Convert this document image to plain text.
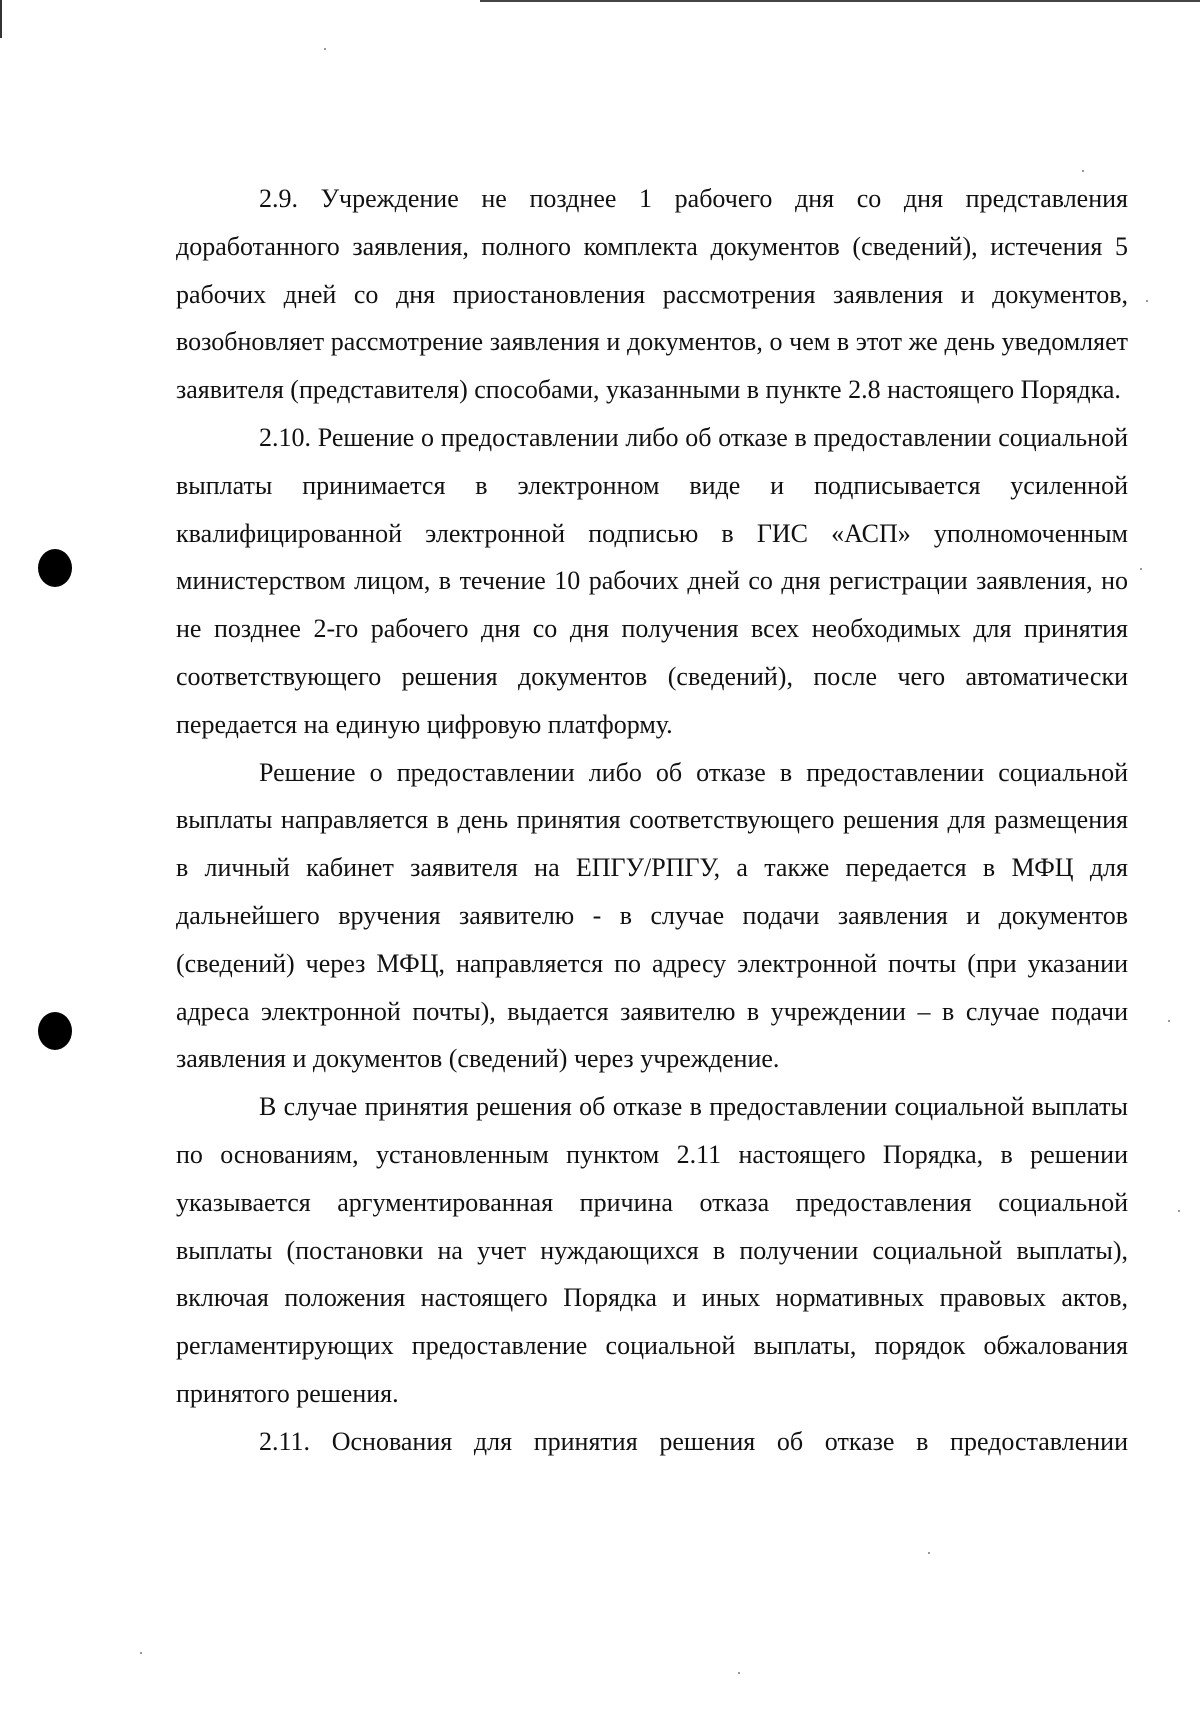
2.9. Учреждение не позднее 1 рабочего дня со дня представления доработанного заявления, полного комплекта документов (сведений), истечения 5 рабочих дней со дня приостановления рассмотрения заявления и документов, возобновляет рассмотрение заявления и документов, о чем в этот же день уведомляет заявителя (представителя) способами, указанными в пункте 2.8 настоящего Порядка.

2.10. Решение о предоставлении либо об отказе в предоставлении социальной выплаты принимается в электронном виде и подписывается усиленной квалифицированной электронной подписью в ГИС «АСП» уполномоченным министерством лицом, в течение 10 рабочих дней со дня регистрации заявления, но не позднее 2-го рабочего дня со дня получения всех необходимых для принятия соответствующего решения документов (сведений), после чего автоматически передается на единую цифровую платформу.

Решение о предоставлении либо об отказе в предоставлении социальной выплаты направляется в день принятия соответствующего решения для размещения в личный кабинет заявителя на ЕПГУ/РПГУ, а также передается в МФЦ для дальнейшего вручения заявителю - в случае подачи заявления и документов (сведений) через МФЦ, направляется по адресу электронной почты (при указании адреса электронной почты), выдается заявителю в учреждении – в случае подачи заявления и документов (сведений) через учреждение.

В случае принятия решения об отказе в предоставлении социальной выплаты по основаниям, установленным пунктом 2.11 настоящего Порядка, в решении указывается аргументированная причина отказа предоставления социальной выплаты (постановки на учет нуждающихся в получении социальной выплаты), включая положения настоящего Порядка и иных нормативных правовых актов, регламентирующих предоставление социальной выплаты, порядок обжалования принятого решения.

2.11. Основания для принятия решения об отказе в предоставлении
